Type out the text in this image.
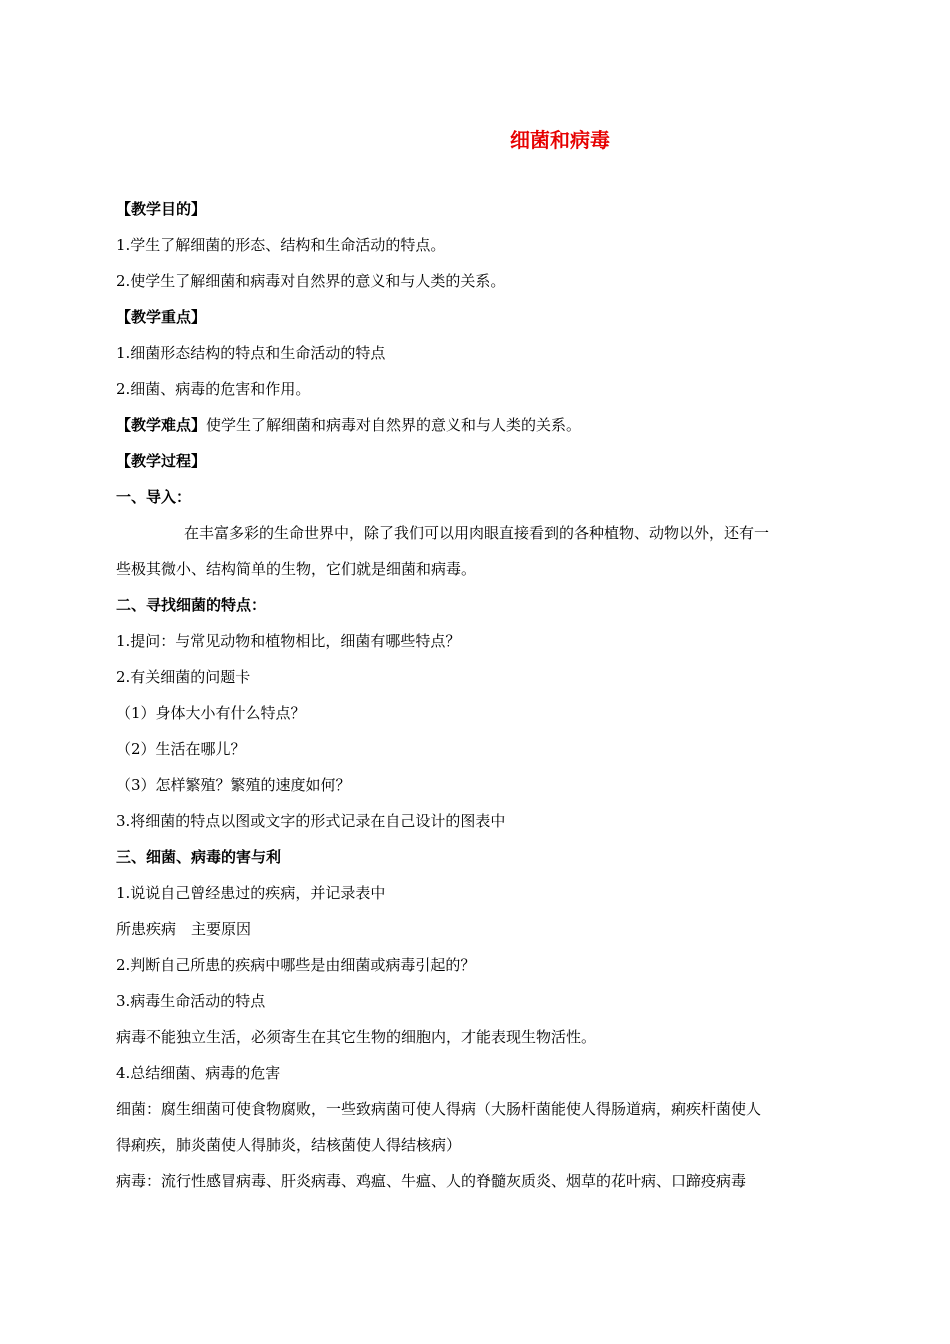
细菌和病毒

【教学目的】

1.学生了解细菌的形态、结构和生命活动的特点。

2.使学生了解细菌和病毒对自然界的意义和与人类的关系。

【教学重点】

1.细菌形态结构的特点和生命活动的特点

2.细菌、病毒的危害和作用。

【教学难点】使学生了解细菌和病毒对自然界的意义和与人类的关系。

【教学过程】

一、导入：

在丰富多彩的生命世界中，除了我们可以用肉眼直接看到的各种植物、动物以外，还有一

些极其微小、结构简单的生物，它们就是细菌和病毒。

二、寻找细菌的特点：

1.提问：与常见动物和植物相比，细菌有哪些特点？

2.有关细菌的问题卡

（1）身体大小有什么特点？

（2）生活在哪儿？

（3）怎样繁殖？繁殖的速度如何？

3.将细菌的特点以图或文字的形式记录在自己设计的图表中

三、细菌、病毒的害与利

1.说说自己曾经患过的疾病，并记录表中

所患疾病　主要原因

2.判断自己所患的疾病中哪些是由细菌或病毒引起的？

3.病毒生命活动的特点

病毒不能独立生活，必须寄生在其它生物的细胞内，才能表现生物活性。

4.总结细菌、病毒的危害

细菌：腐生细菌可使食物腐败，一些致病菌可使人得病（大肠杆菌能使人得肠道病，痢疾杆菌使人

得痢疾，肺炎菌使人得肺炎，结核菌使人得结核病）

病毒：流行性感冒病毒、肝炎病毒、鸡瘟、牛瘟、人的脊髓灰质炎、烟草的花叶病、口蹄疫病毒
